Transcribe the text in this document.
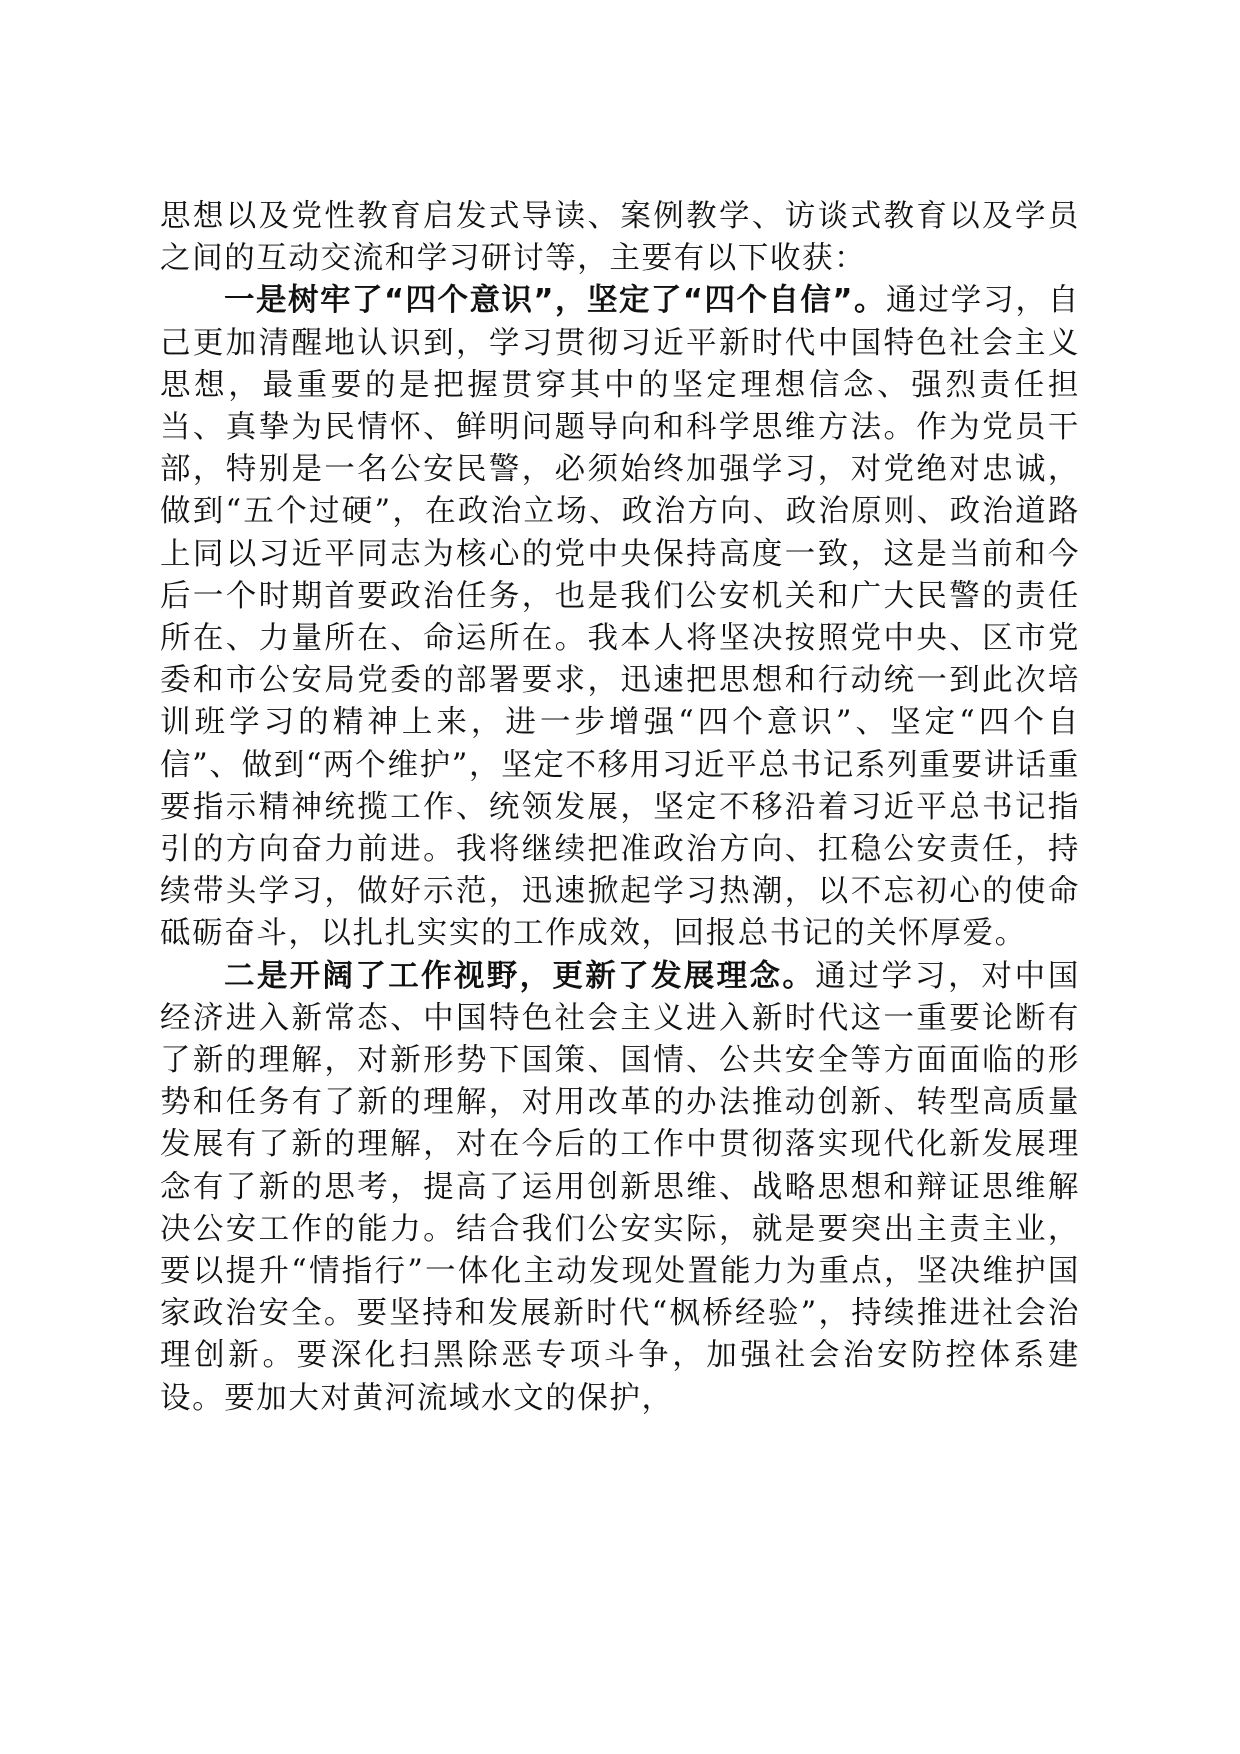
思想以及党性教育启发式导读、案例教学、访谈式教育以及学员之间的互动交流和学习研讨等，主要有以下收获：

一是树牢了“四个意识”，坚定了“四个自信”。通过学习，自己更加清醒地认识到，学习贯彻习近平新时代中国特色社会主义思想，最重要的是把握贯穿其中的坚定理想信念、强烈责任担当、真挚为民情怀、鲜明问题导向和科学思维方法。作为党员干部，特别是一名公安民警，必须始终加强学习，对党绝对忠诚，做到“五个过硬”，在政治立场、政治方向、政治原则、政治道路上同以习近平同志为核心的党中央保持高度一致，这是当前和今后一个时期首要政治任务，也是我们公安机关和广大民警的责任所在、力量所在、命运所在。我本人将坚决按照党中央、区市党委和市公安局党委的部署要求，迅速把思想和行动统一到此次培训班学习的精神上来，进一步增强“四个意识”、坚定“四个自信”、做到“两个维护”，坚定不移用习近平总书记系列重要讲话重要指示精神统揽工作、统领发展，坚定不移沿着习近平总书记指引的方向奋力前进。我将继续把准政治方向、扛稳公安责任，持续带头学习，做好示范，迅速掀起学习热潮，以不忘初心的使命砥砺奋斗，以扎扎实实的工作成效，回报总书记的关怀厚爱。

二是开阔了工作视野，更新了发展理念。通过学习，对中国经济进入新常态、中国特色社会主义进入新时代这一重要论断有了新的理解，对新形势下国策、国情、公共安全等方面面临的形势和任务有了新的理解，对用改革的办法推动创新、转型高质量发展有了新的理解，对在今后的工作中贯彻落实现代化新发展理念有了新的思考，提高了运用创新思维、战略思想和辩证思维解决公安工作的能力。结合我们公安实际，就是要突出主责主业，要以提升“情指行”一体化主动发现处置能力为重点，坚决维护国家政治安全。要坚持和发展新时代“枫桥经验”，持续推进社会治理创新。要深化扫黑除恶专项斗争，加强社会治安防控体系建设。要加大对黄河流域水文的保护，
